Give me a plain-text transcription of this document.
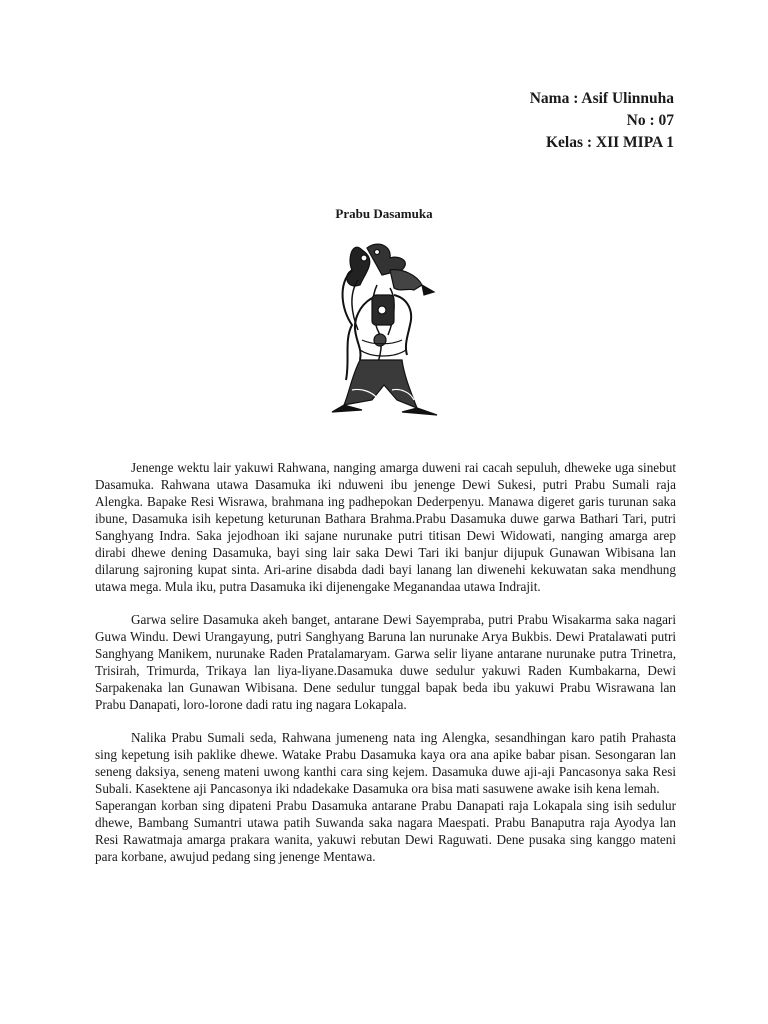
Nama : Asif Ulinnuha
No : 07
Kelas : XII MIPA 1
Prabu Dasamuka

Jenenge wektu lair yakuwi Rahwana, nanging amarga duweni rai cacah sepuluh, dheweke uga sinebut Dasamuka. Rahwana utawa Dasamuka iki nduweni ibu jenenge Dewi Sukesi, putri Prabu Sumali raja Alengka. Bapake Resi Wisrawa, brahmana ing padhepokan Dederpenyu. Manawa digeret garis turunan saka ibune, Dasamuka isih kepetung keturunan Bathara Brahma.Prabu Dasamuka duwe garwa Bathari Tari, putri Sanghyang Indra. Saka jejodhoan iki sajane nurunake putri titisan Dewi Widowati, nanging amarga arep dirabi dhewe dening Dasamuka, bayi sing lair saka Dewi Tari iki banjur dijupuk Gunawan Wibisana lan dilarung sajroning kupat sinta. Ari-arine disabda dadi bayi lanang lan diwenehi kekuwatan saka mendhung utawa mega. Mula iku, putra Dasamuka iki dijenengake Meganandaa utawa Indrajit.

Garwa selire Dasamuka akeh banget, antarane Dewi Sayempraba, putri Prabu Wisakarma saka nagari Guwa Windu. Dewi Urangayung, putri Sanghyang Baruna lan nurunake Arya Bukbis. Dewi Pratalawati putri Sanghyang Manikem, nurunake Raden Pratalamaryam. Garwa selir liyane antarane nurunake putra Trinetra, Trisirah, Trimurda, Trikaya lan liya-liyane.Dasamuka duwe sedulur yakuwi Raden Kumbakarna, Dewi Sarpakenaka lan Gunawan Wibisana. Dene sedulur tunggal bapak beda ibu yakuwi Prabu Wisrawana lan Prabu Danapati, loro-lorone dadi ratu ing nagara Lokapala.

Nalika Prabu Sumali seda, Rahwana jumeneng nata ing Alengka, sesandhingan karo patih Prahasta sing kepetung isih paklike dhewe. Watake Prabu Dasamuka kaya ora ana apike babar pisan. Sesongaran lan seneng daksiya, seneng mateni uwong kanthi cara sing kejem. Dasamuka duwe aji-aji Pancasonya saka Resi Subali. Kasektene aji Pancasonya iki ndadekake Dasamuka ora bisa mati sasuwene awake isih kena lemah.

Saperangan korban sing dipateni Prabu Dasamuka antarane Prabu Danapati raja Lokapala sing isih sedulur dhewe, Bambang Sumantri utawa patih Suwanda saka nagara Maespati. Prabu Banaputra raja Ayodya lan Resi Rawatmaja amarga prakara wanita, yakuwi rebutan Dewi Raguwati. Dene pusaka sing kanggo mateni para korbane, awujud pedang sing jenenge Mentawa.
